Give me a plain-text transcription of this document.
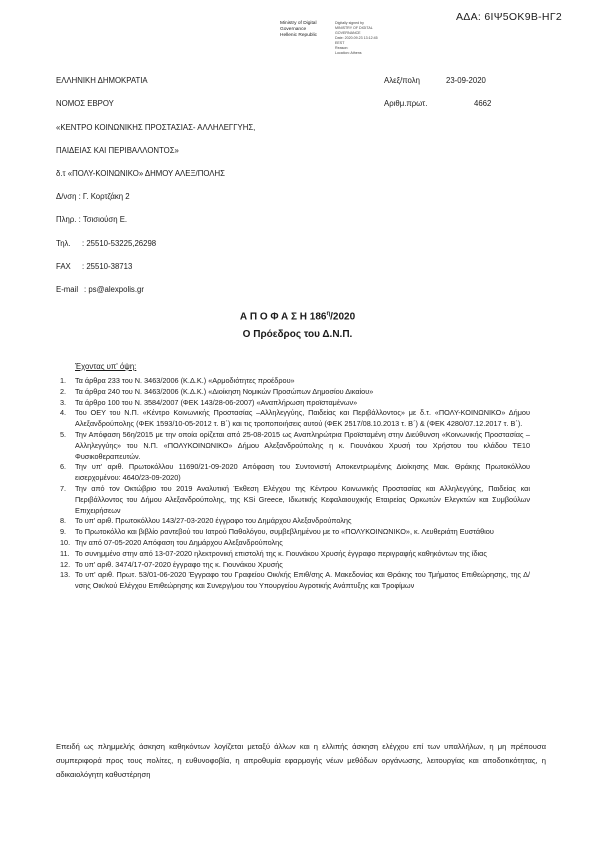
ΑΔΑ: 6ΙΨ5ΟΚ9Β-ΗΓ2
Ministry of Digital
Governance
Hellenic Republic
Digitally signed by
MINISTRY OF DIGITAL
GOVERNANCE
Date: 2020.09.23 13:12:45
EEST
Reason:
Location: Athens
ΕΛΛΗΝΙΚΗ ΔΗΜΟΚΡΑΤΙΑ
ΝΟΜΟΣ ΕΒΡΟΥ
«ΚΕΝΤΡΟ ΚΟΙΝΩΝΙΚΗΣ ΠΡΟΣΤΑΣΙΑΣ- ΑΛΛΗΛΕΓΓΥΗΣ,
ΠΑΙΔΕΙΑΣ ΚΑΙ ΠΕΡΙΒΑΛΛΟΝΤΟΣ»
δ.τ «ΠΟΛΥ-ΚΟΙΝΩΝΙΚΟ» ΔΗΜΟΥ ΑΛΕΞ/ΠΟΛΗΣ
Δ/νση : Γ. Κορτζάκη 2
Πληρ. : Τσισιούση Ε.
Τηλ. : 25510-53225,26298
FAX : 25510-38713
E-mail : ps@alexpolis.gr
Αλεξ/πολη	23-09-2020
Αριθμ.πρωτ.	4662
Α Π Ο Φ Α Σ Η $186^\eta/2020$
Ο Πρόεδρος του Δ.Ν.Π.
Έχοντας υπ' όψη:
1.	Τα άρθρα 233 του Ν. 3463/2006 (Κ.Δ.Κ.) «Αρμοδιότητες προέδρου»
2.	Τα άρθρα 240 του Ν. 3463/2006 (Κ.Δ.Κ.) «Διοίκηση Νομικών Προσώπων Δημοσίου Δικαίου»
3.	Τα άρθρο 100 του Ν. 3584/2007 (ΦΕΚ 143/28-06-2007) «Αναπλήρωση προϊσταμένων»
4.	Του ΟΕΥ του Ν.Π. «Κέντρο Κοινωνικής Προστασίας –Αλληλεγγύης, Παιδείας και Περιβάλλοντος» με δ.τ. «ΠΟΛΥ-ΚΟΙΝΩΝΙΚΟ» Δήμου Αλεξανδρούπολης (ΦΕΚ 1593/10-05-2012 τ. Β΄) και τις τροποποιήσεις αυτού (ΦΕΚ 2517/08.10.2013 τ. Β΄) & (ΦΕΚ 4280/07.12.2017 τ. Β΄).
5.	Την Απόφαση 56η/2015 με την οποία ορίζεται από 25-08-2015 ως Αναπληρώτρια Προϊσταμένη στην Διεύθυνση «Κοινωνικής Προστασίας – Αλληλεγγύης» του Ν.Π. «ΠΟΛΥΚΟΙΝΩΝΙΚΟ» Δήμου Αλεξανδρούπολης η κ. Γιουνάκου Χρυσή του Χρήστου του κλάδου ΤΕ10 Φυσικοθεραπευτών.
6.	Την υπ' αριθ. Πρωτοκόλλου 11690/21-09-2020 Απόφαση του Συντονιστή Αποκεντρωμένης Διοίκησης Μακ. Θράκης Πρωτοκόλλου εισερχομένου: 4640/23-09-2020)
7.	Την από τον Οκτώβριο του 2019 Αναλυτική Έκθεση Ελέγχου της Κέντρου Κοινωνικής Προστασίας και Αλληλεγγύης, Παιδείας και Περιβάλλοντος του Δήμου Αλεξανδρούπολης, της KSi Greece, Ιδιωτικής Κεφαλαιουχικής Εταιρείας Ορκωτών Ελεγκτών και Συμβούλων Επιχειρήσεων
8.	Το υπ' αριθ. Πρωτοκόλλου 143/27-03-2020 έγγραφο του Δημάρχου Αλεξανδρούπολης
9.	Το Πρωτοκόλλο και βιβλίο ραντεβού του Ιατρού Παθολόγου, συμβεβλημένου με το «ΠΟΛΥΚΟΙΝΩΝΙΚΟ», κ. Λευθεριάτη Ευστάθιου
10. Την από 07-05-2020 Απόφαση του Δημάρχου Αλεξανδρούπολης
11. Το συνημμένο στην από 13-07-2020 ηλεκτρονική επιστολή της κ. Γιουνάκου Χρυσής έγγραφο περιγραφής καθηκόντων της ίδιας
12. Το υπ' αριθ. 3474/17-07-2020 έγγραφο της κ. Γιουνάκου Χρυσής
13. Το υπ' αριθ. Πρωτ. 53/01-06-2020 Έγγραφο του Γραφείου Οικ/κής Επιθ/σης Α. Μακεδονίας και Θράκης του Τμήματος Επιθεώρησης, της Δ/νσης Οικ/κού Ελέγχου Επιθεώρησης και Συνεργ/μου του Υπουργείου Αγροτικής Ανάπτυξης και Τροφίμων
Επειδή ως πλημμελής άσκηση καθηκόντων λογίζεται μεταξύ άλλων και η ελλιπής άσκηση ελέγχου επί των υπαλλήλων, η μη πρέπουσα συμπεριφορά προς τους πολίτες, η ευθυνοφοβία, η απροθυμία εφαρμογής νέων μεθόδων οργάνωσης, λειτουργίας και αποδοτικότητας, η αδικαιολόγητη καθυστέρηση
